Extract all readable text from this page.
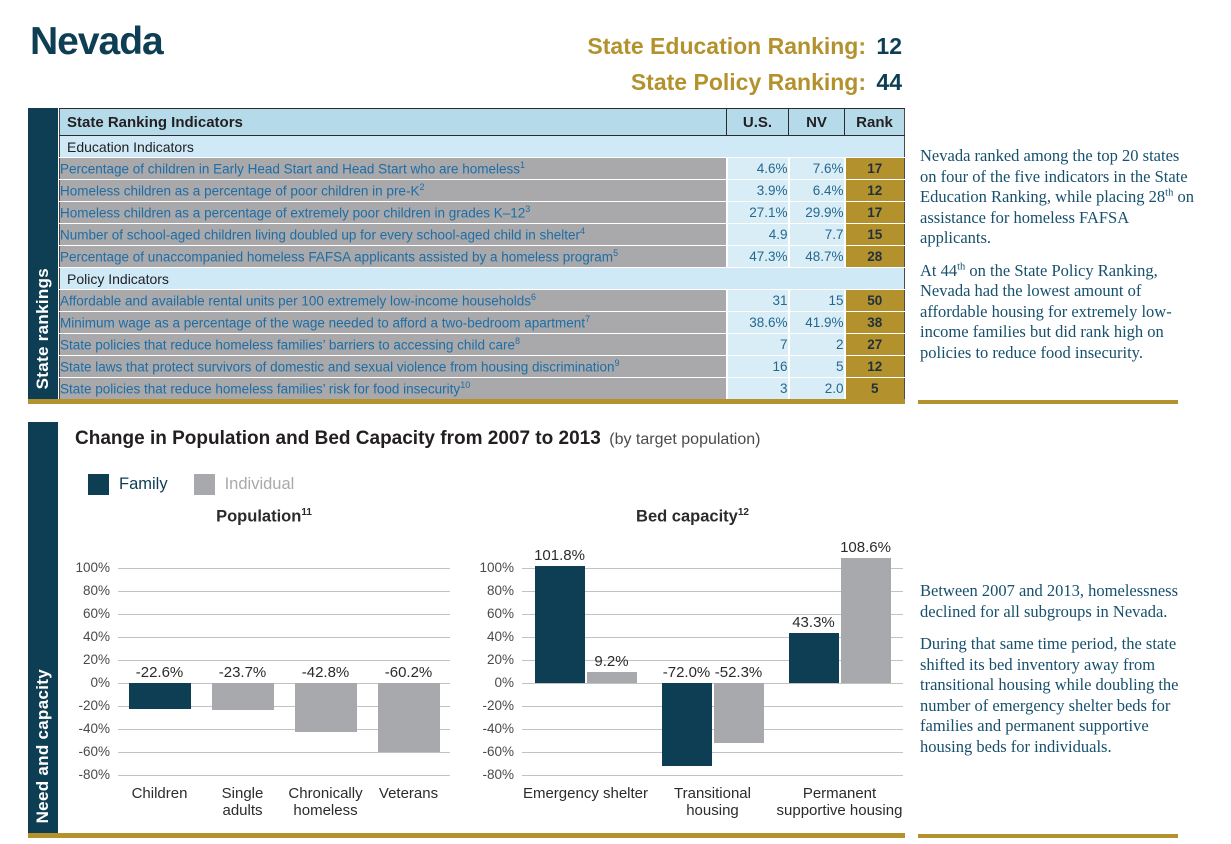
Nevada	State Education Ranking: 12
State Policy Ranking: 44
State rankings
State Ranking Indicators	U.S.	NV	Rank
Education Indicators			
Percentage of children in Early Head Start and Head Start who are homeless$^1$	4.6%	7.6%	17
Homeless children as a percentage of poor children in pre-$K^2$	3.9%	6.4%	12
Homeless children as a percentage of extremely poor children in grades $K-12^3$	27.1%	29.9%	17
Number of school-aged children living doubled up for every school-aged child in shelter$^4$	4.9	7.7	15
Percentage of unaccompanied homeless FAFSA applicants assisted by a homeless program$^5$	47.3%	48.7%	28
Policy Indicators			
Affordable and available rental units per 100 extremely low-income households$^6$	31	15	50
Minimum wage as a percentage of the wage needed to afford a two-bedroom apartment$^7$	38.6%	41.9%	38
State policies that reduce homeless families’ barriers to accessing child care$^8$	7	2	27
State laws that protect survivors of domestic and sexual violence from housing discrimination$^9$	16	5	12
State policies that reduce homeless families’ risk for food insecurity$^{10}$	3	2.0	5

Nevada ranked among the top 20 states on four of the five indicators in the State Education Ranking, while placing 28th on assistance for homeless FAFSA applicants.

At 44th on the State Policy Ranking, Nevada had the lowest amount of affordable housing for extremely low-income families but did rank high on policies to reduce food insecurity.

Need and capacity
Change in Population and Bed Capacity from 2007 to 2013 (by target population)
Family	Individual

Between 2007 and 2013, homelessness declined for all subgroups in Nevada.

During that same time period, the state shifted its bed inventory away from transitional housing while doubling the number of emergency shelter beds for families and permanent supportive housing beds for individuals.

Population$^{11}$
100%
80%
60%
40%
20%
0%
-20%
-40%
-60%
-80%
Children	Single adults
Chronically homeless
Veterans
-22.6%	-23.7%	-42.8%	-60.2%
Bed capacity$^{12}$
100%
80%
60%
40%
20%
0%
-20%
-40%
-60%
-80%
Emergency shelter	Transitional housing
Permanent supportive housing
101.8%
9.2%
-72.0% -52.3%
43.3%
108.6%
